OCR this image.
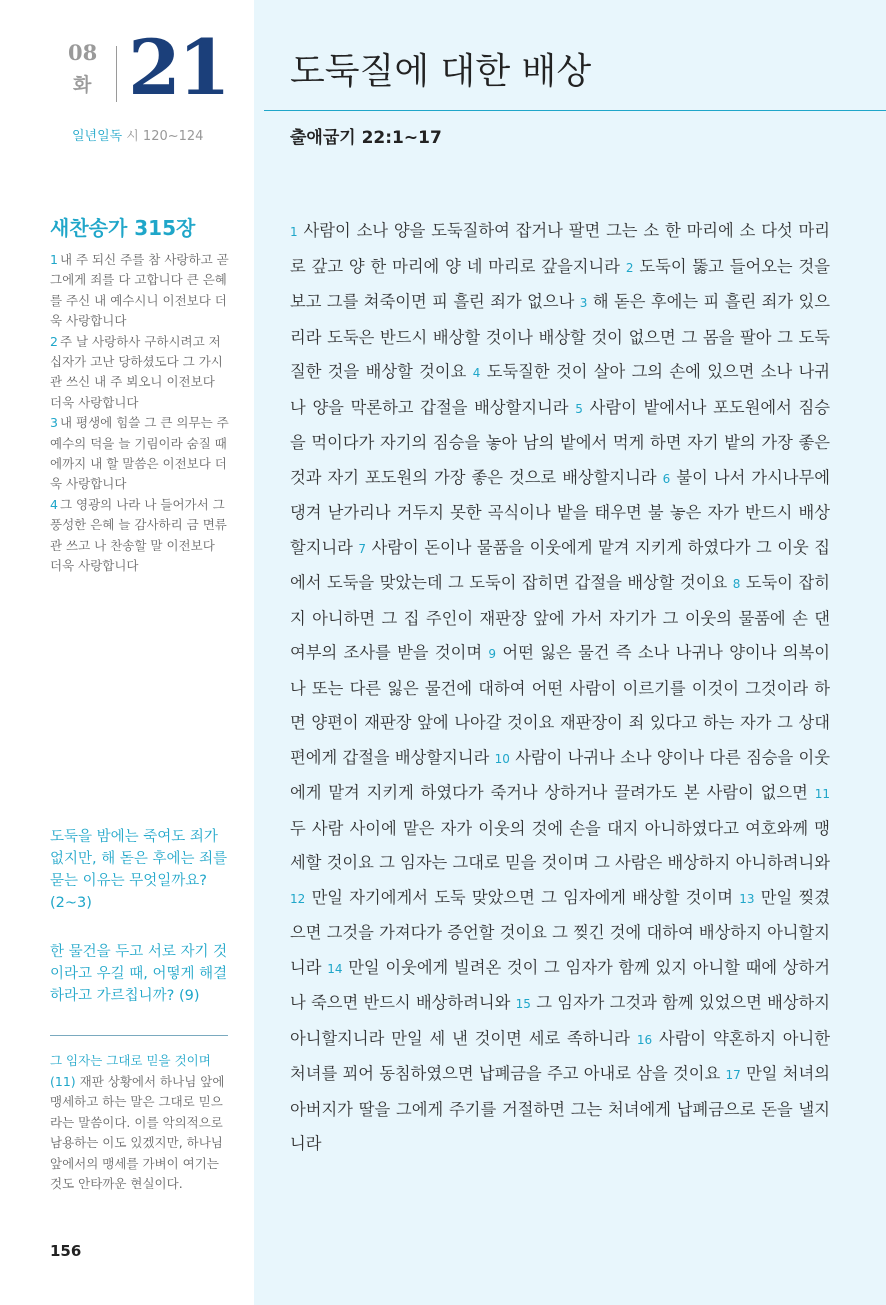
08
화 21
일년일독 시 120~124
새찬송가 315장

1 내 주 되신 주를 참 사랑하고 곧 그에게 죄를 다 고합니다 큰 은혜를 주신 내 예수시니 이전보다 더욱 사랑합니다

2 주 날 사랑하사 구하시려고 저 십자가 고난 당하셨도다 그 가시관 쓰신 내 주 뵈오니 이전보다 더욱 사랑합니다

3 내 평생에 힘쓸 그 큰 의무는 주 예수의 덕을 늘 기림이라 숨질 때에까지 내 할 말씀은 이전보다 더욱 사랑합니다

4 그 영광의 나라 나 들어가서 그 풍성한 은혜 늘 감사하리 금 면류관 쓰고 나 찬송할 말 이전보다 더욱 사랑합니다

도둑을 밤에는 죽여도 죄가 없지만, 해 돋은 후에는 죄를 묻는 이유는 무엇일까요? (2~3)
한 물건을 두고 서로 자기 것이라고 우길 때, 어떻게 해결하라고 가르칩니까? (9)
그 임자는 그대로 믿을 것이며 (11) 재판 상황에서 하나님 앞에 맹세하고 하는 말은 그대로 믿으라는 말씀이다. 이를 악의적으로 남용하는 이도 있겠지만, 하나님 앞에서의 맹세를 가벼이 여기는 것도 안타까운 현실이다.
156
도둑질에 대한 배상
출애굽기 22:1~17

1 사람이 소나 양을 도둑질하여 잡거나 팔면 그는 소 한 마리에 소 다섯 마리로 갚고 양 한 마리에 양 네 마리로 갚을지니라 2 도둑이 뚫고 들어오는 것을 보고 그를 쳐죽이면 피 흘린 죄가 없으나 3 해 돋은 후에는 피 흘린 죄가 있으리라 도둑은 반드시 배상할 것이나 배상할 것이 없으면 그 몸을 팔아 그 도둑질한 것을 배상할 것이요 4 도둑질한 것이 살아 그의 손에 있으면 소나 나귀나 양을 막론하고 갑절을 배상할지니라 5 사람이 밭에서나 포도원에서 짐승을 먹이다가 자기의 짐승을 놓아 남의 밭에서 먹게 하면 자기 밭의 가장 좋은 것과 자기 포도원의 가장 좋은 것으로 배상할지니라 6 불이 나서 가시나무에 댕겨 낟가리나 거두지 못한 곡식이나 밭을 태우면 불 놓은 자가 반드시 배상할지니라 7 사람이 돈이나 물품을 이웃에게 맡겨 지키게 하였다가 그 이웃 집에서 도둑을 맞았는데 그 도둑이 잡히면 갑절을 배상할 것이요 8 도둑이 잡히지 아니하면 그 집 주인이 재판장 앞에 가서 자기가 그 이웃의 물품에 손 댄 여부의 조사를 받을 것이며 9 어떤 잃은 물건 즉 소나 나귀나 양이나 의복이나 또는 다른 잃은 물건에 대하여 어떤 사람이 이르기를 이것이 그것이라 하면 양편이 재판장 앞에 나아갈 것이요 재판장이 죄 있다고 하는 자가 그 상대편에게 갑절을 배상할지니라 10 사람이 나귀나 소나 양이나 다른 짐승을 이웃에게 맡겨 지키게 하였다가 죽거나 상하거나 끌려가도 본 사람이 없으면 11 두 사람 사이에 맡은 자가 이웃의 것에 손을 대지 아니하였다고 여호와께 맹세할 것이요 그 임자는 그대로 믿을 것이며 그 사람은 배상하지 아니하려니와 12 만일 자기에게서 도둑 맞았으면 그 임자에게 배상할 것이며 13 만일 찢겼으면 그것을 가져다가 증언할 것이요 그 찢긴 것에 대하여 배상하지 아니할지니라 14 만일 이웃에게 빌려온 것이 그 임자가 함께 있지 아니할 때에 상하거나 죽으면 반드시 배상하려니와 15 그 임자가 그것과 함께 있었으면 배상하지 아니할지니라 만일 세 낸 것이면 세로 족하니라 16 사람이 약혼하지 아니한 처녀를 꾀어 동침하였으면 납폐금을 주고 아내로 삼을 것이요 17 만일 처녀의 아버지가 딸을 그에게 주기를 거절하면 그는 처녀에게 납폐금으로 돈을 낼지니라
